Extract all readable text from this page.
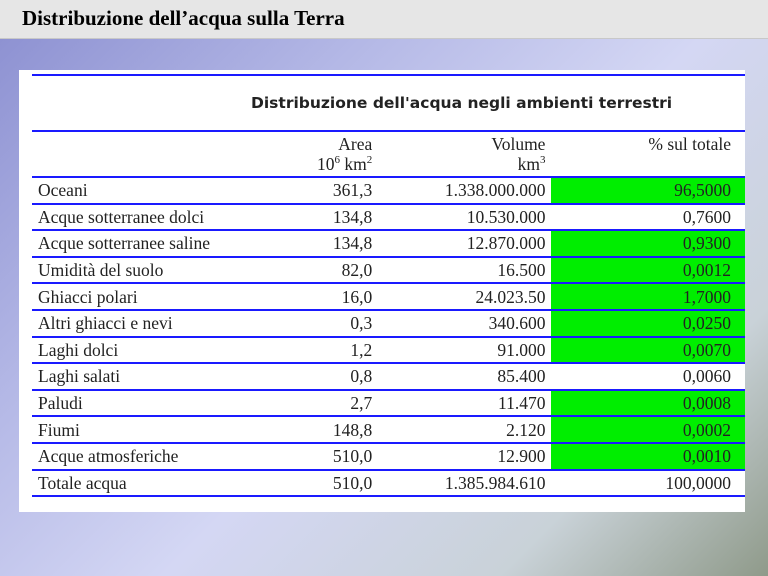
Distribuzione dell’acqua sulla Terra
Distribuzione dell'acqua negli ambienti terrestri
	Area	Volume	% sul totale
	$10^6$ $km^2$	$km^3$	
Oceani	361,3	1.338.000.000	96,5000
Acque sotterranee dolci	134,8	10.530.000	0,7600
Acque sotterranee saline	134,8	12.870.000	0,9300
Umidità del suolo	82,0	16.500	0,0012
Ghiacci polari	16,0	24.023.50	1,7000
Altri ghiacci e nevi	0,3	340.600	0,0250
Laghi dolci	1,2	91.000	0,0070
Laghi salati	0,8	85.400	0,0060
Paludi	2,7	11.470	0,0008
Fiumi	148,8	2.120	0,0002
Acque atmosferiche	510,0	12.900	0,0010
Totale acqua	510,0	1.385.984.610	100,0000
